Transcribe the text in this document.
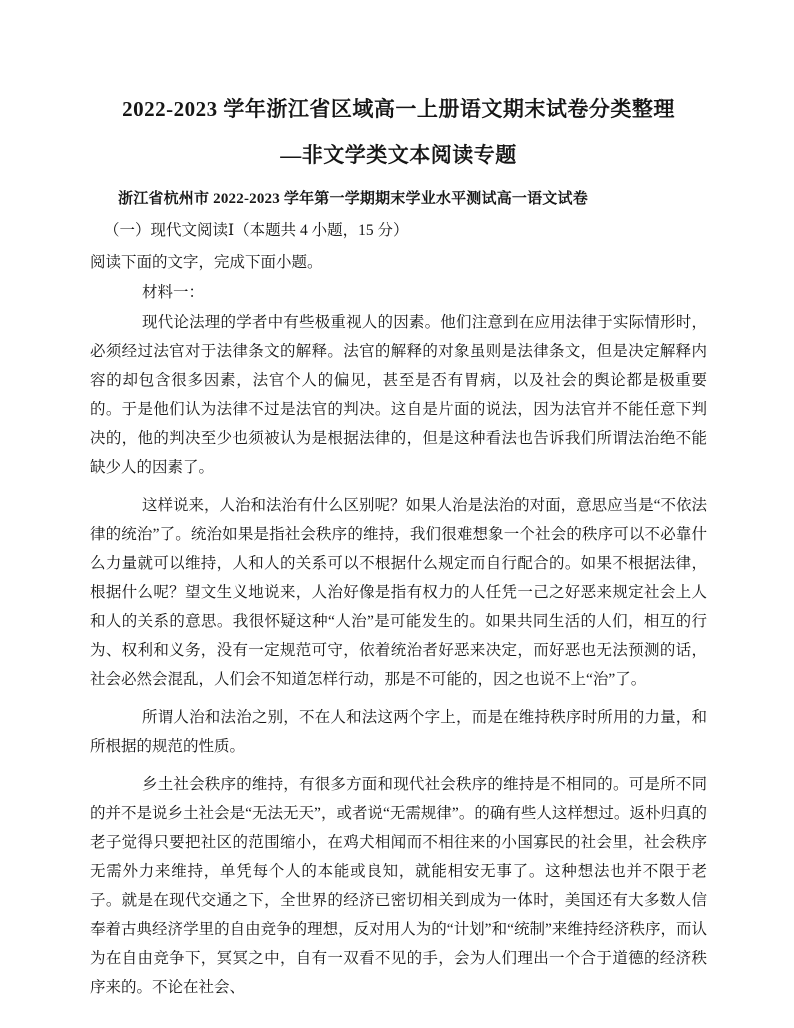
2022-2023 学年浙江省区域高一上册语文期末试卷分类整理
—非文学类文本阅读专题

浙江省杭州市 2022-2023 学年第一学期期末学业水平测试高一语文试卷

（一）现代文阅读Ⅰ（本题共 4 小题，15 分）

阅读下面的文字，完成下面小题。

材料一：

现代论法理的学者中有些极重视人的因素。他们注意到在应用法律于实际情形时，必须经过法官对于法律条文的解释。法官的解释的对象虽则是法律条文，但是决定解释内容的却包含很多因素，法官个人的偏见，甚至是否有胃病，以及社会的舆论都是极重要的。于是他们认为法律不过是法官的判决。这自是片面的说法，因为法官并不能任意下判决的，他的判决至少也须被认为是根据法律的，但是这种看法也告诉我们所谓法治绝不能缺少人的因素了。

这样说来，人治和法治有什么区别呢？如果人治是法治的对面，意思应当是“不依法律的统治”了。统治如果是指社会秩序的维持，我们很难想象一个社会的秩序可以不必靠什么力量就可以维持，人和人的关系可以不根据什么规定而自行配合的。如果不根据法律，根据什么呢？望文生义地说来，人治好像是指有权力的人任凭一己之好恶来规定社会上人和人的关系的意思。我很怀疑这种“人治”是可能发生的。如果共同生活的人们，相互的行为、权利和义务，没有一定规范可守，依着统治者好恶来决定，而好恶也无法预测的话，社会必然会混乱，人们会不知道怎样行动，那是不可能的，因之也说不上“治”了。

所谓人治和法治之别，不在人和法这两个字上，而是在维持秩序时所用的力量，和所根据的规范的性质。

乡土社会秩序的维持，有很多方面和现代社会秩序的维持是不相同的。可是所不同的并不是说乡土社会是“无法无天”，或者说“无需规律”。的确有些人这样想过。返朴归真的老子觉得只要把社区的范围缩小，在鸡犬相闻而不相往来的小国寡民的社会里，社会秩序无需外力来维持，单凭每个人的本能或良知，就能相安无事了。这种想法也并不限于老子。就是在现代交通之下，全世界的经济已密切相关到成为一体时，美国还有大多数人信奉着古典经济学里的自由竞争的理想，反对用人为的“计划”和“统制”来维持经济秩序，而认为在自由竞争下，冥冥之中，自有一双看不见的手，会为人们理出一个合于道德的经济秩序来的。不论在社会、
